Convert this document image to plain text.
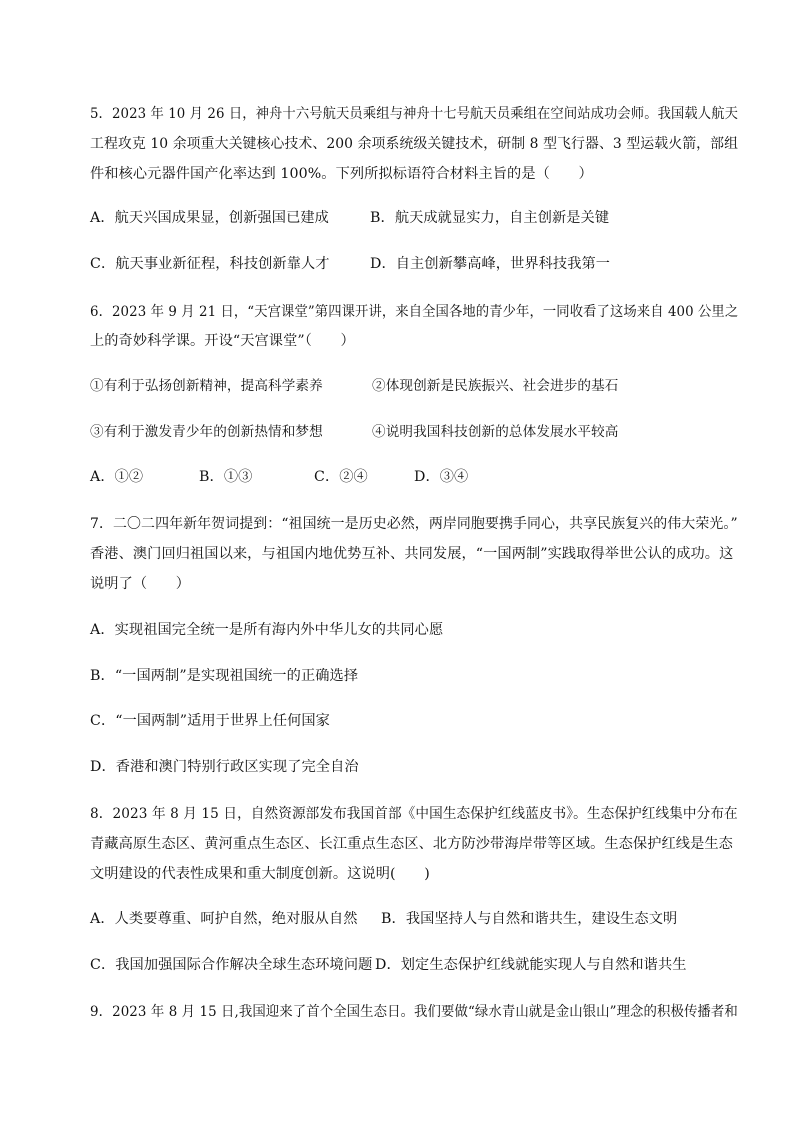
5．2023 年 10 月 26 日，神舟十六号航天员乘组与神舟十七号航天员乘组在空间站成功会师。我国载人航天
工程攻克 10 余项重大关键核心技术、200 余项系统级关键技术，研制 8 型飞行器、3 型运载火箭，部组
件和核心元器件国产化率达到 100%。下列所拟标语符合材料主旨的是（　　）
A．航天兴国成果显，创新强国已建成	B．航天成就显实力，自主创新是关键
C．航天事业新征程，科技创新靠人才	D．自主创新攀高峰，世界科技我第一
6．2023 年 9 月 21 日，“天宫课堂”第四课开讲，来自全国各地的青少年，一同收看了这场来自 400 公里之
上的奇妙科学课。开设“天宫课堂”（　　）
①有利于弘扬创新精神，提高科学素养	②体现创新是民族振兴、社会进步的基石
③有利于激发青少年的创新热情和梦想	④说明我国科技创新的总体发展水平较高
A．①②	B．①③	C．②④	D．③④
7．二〇二四年新年贺词提到：“祖国统一是历史必然，两岸同胞要携手同心，共享民族复兴的伟大荣光。”
香港、澳门回归祖国以来，与祖国内地优势互补、共同发展，“一国两制”实践取得举世公认的成功。这
说明了（　　）
A．实现祖国完全统一是所有海内外中华儿女的共同心愿
B．“一国两制”是实现祖国统一的正确选择
C．“一国两制”适用于世界上任何国家
D．香港和澳门特别行政区实现了完全自治
8．2023 年 8 月 15 日，自然资源部发布我国首部《中国生态保护红线蓝皮书》。生态保护红线集中分布在
青藏高原生态区、黄河重点生态区、长江重点生态区、北方防沙带海岸带等区域。生态保护红线是生态
文明建设的代表性成果和重大制度创新。这说明(　　)
A．人类要尊重、呵护自然，绝对服从自然 B．我国坚持人与自然和谐共生，建设生态文明
C．我国加强国际合作解决全球生态环境问题 D．划定生态保护红线就能实现人与自然和谐共生
9．2023 年 8 月 15 日,我国迎来了首个全国生态日。我们要做“绿水青山就是金山银山”理念的积极传播者和
